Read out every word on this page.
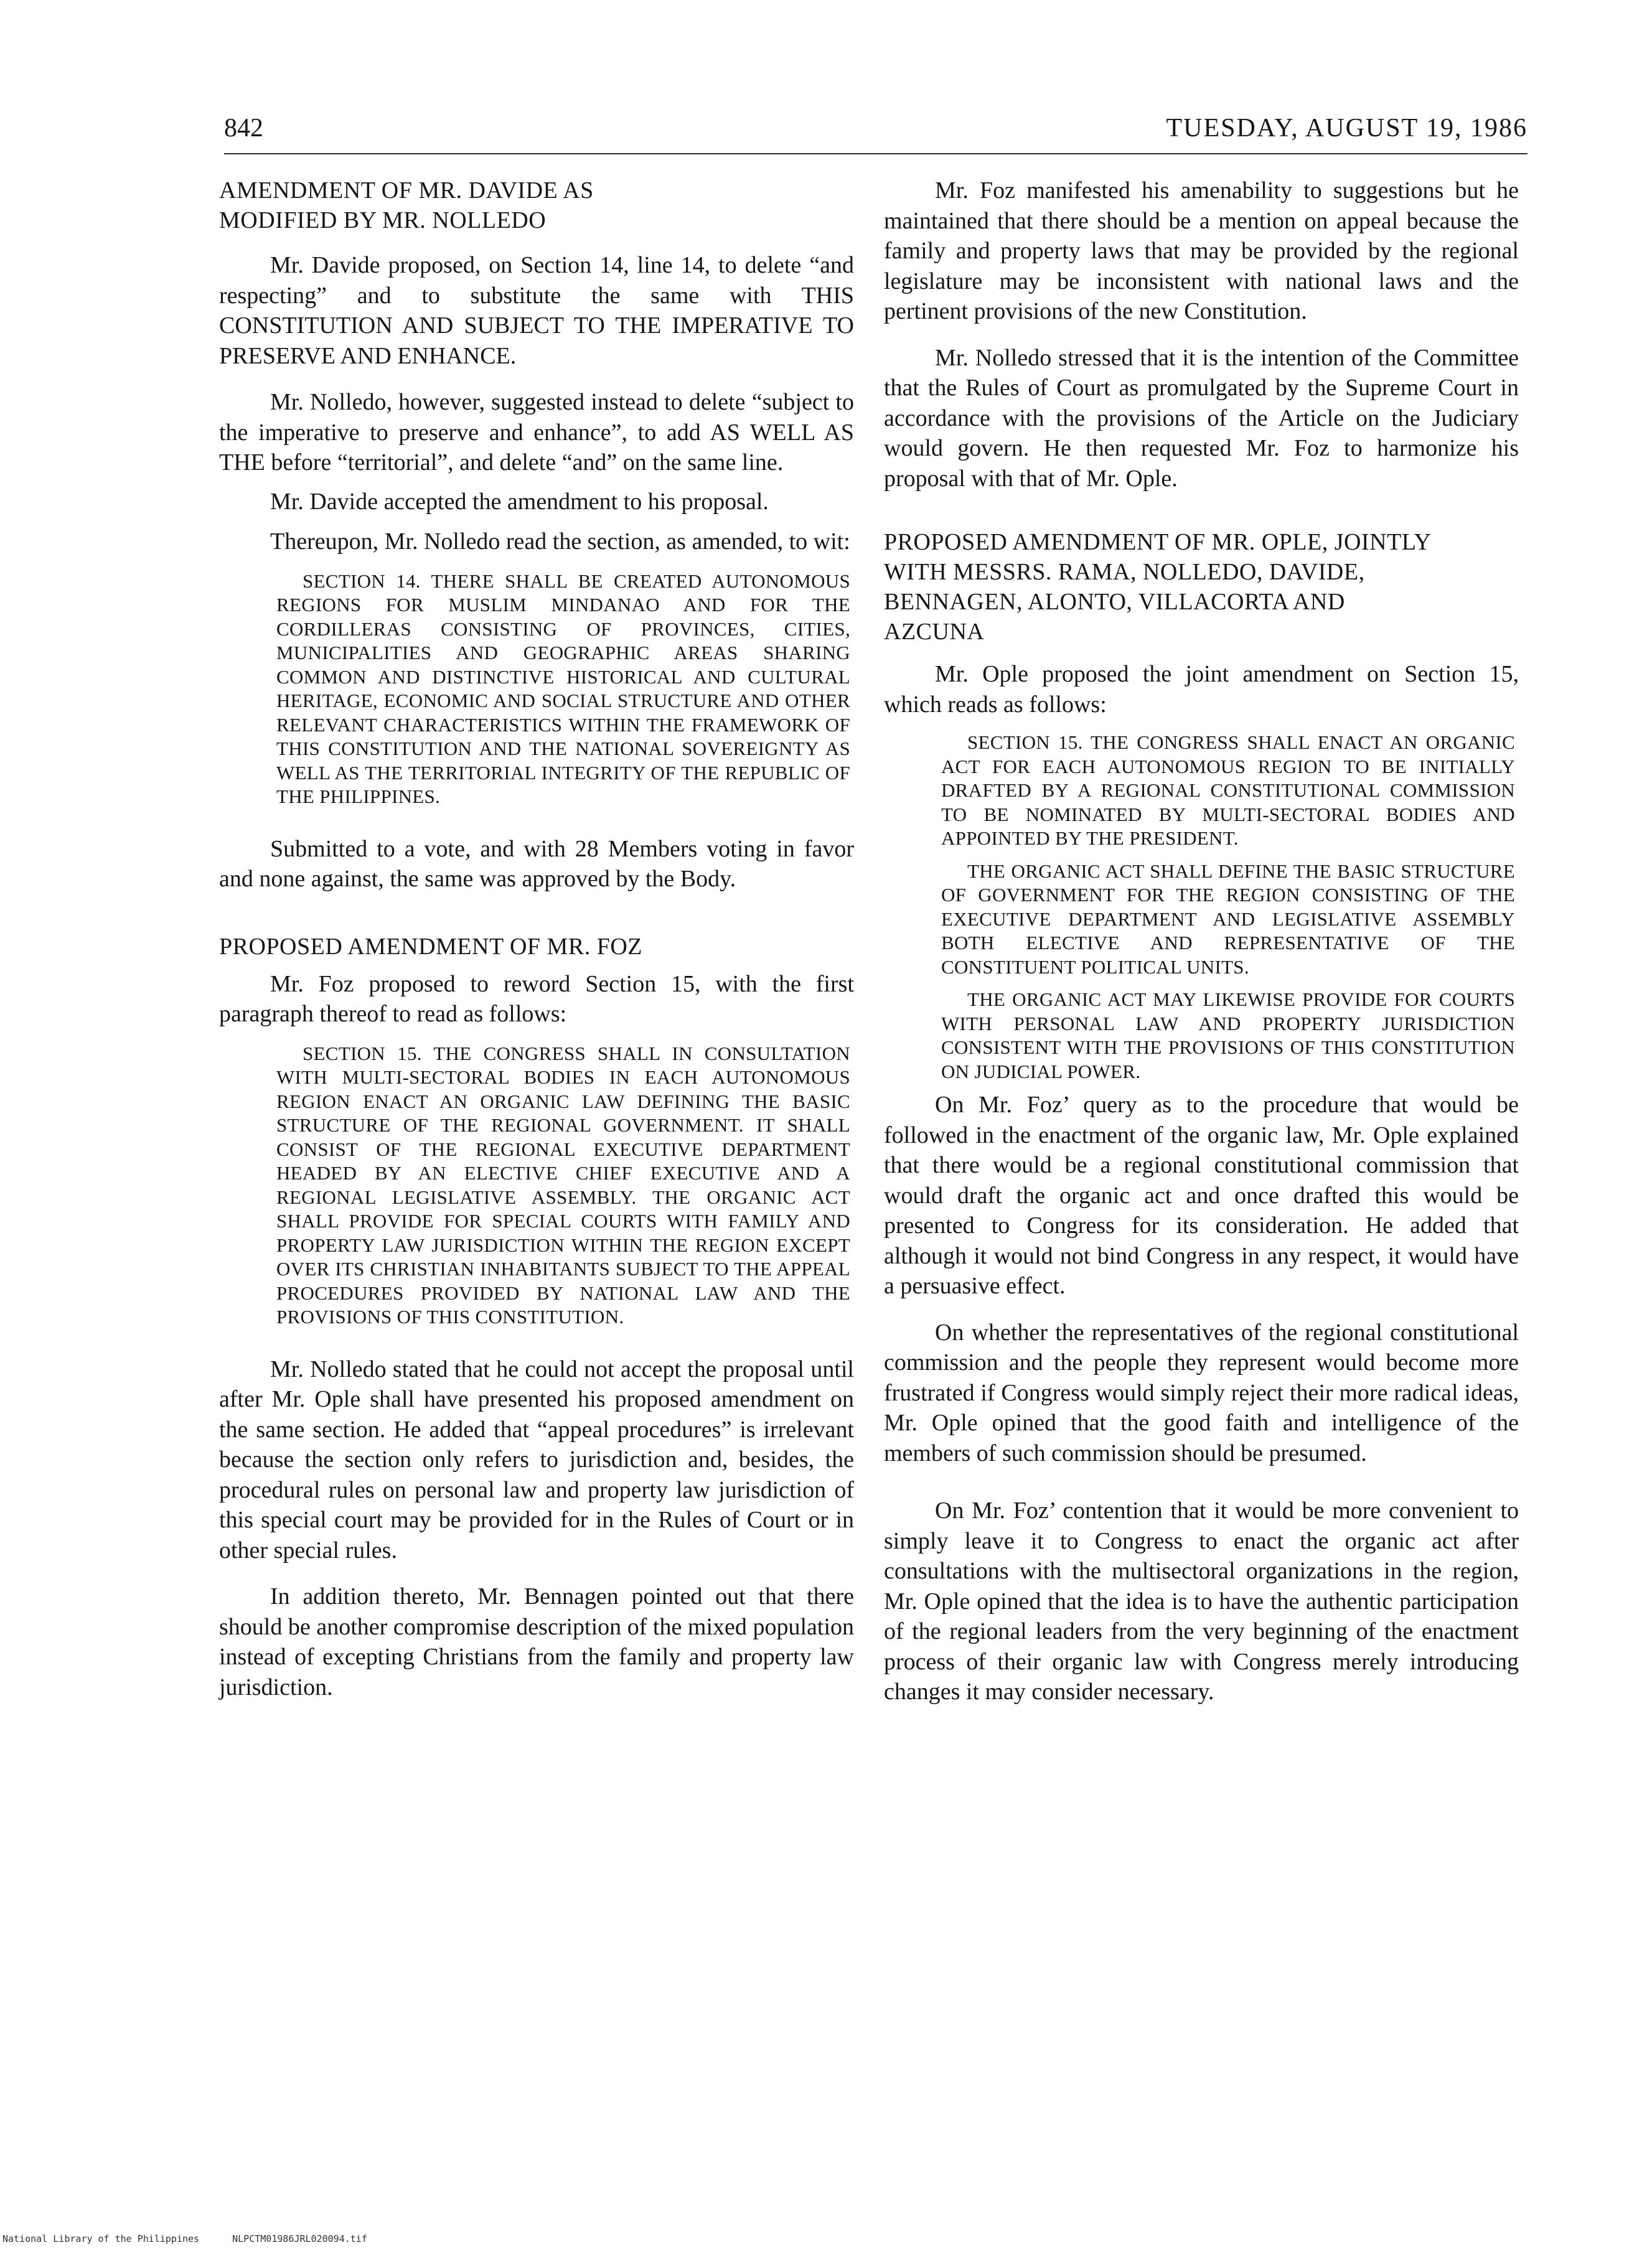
842	TUESDAY, AUGUST 19, 1986
AMENDMENT OF MR. DAVIDE AS MODIFIED BY MR. NOLLEDO
Mr. Davide proposed, on Section 14, line 14, to delete “and respecting” and to substitute the same with THIS CONSTITUTION AND SUBJECT TO THE IMPERATIVE TO PRESERVE AND ENHANCE.
Mr. Nolledo, however, suggested instead to delete “subject to the imperative to preserve and enhance”, to add AS WELL AS THE before “territorial”, and delete “and” on the same line.
Mr. Davide accepted the amendment to his proposal.
Thereupon, Mr. Nolledo read the section, as amended, to wit:
SECTION 14. THERE SHALL BE CREATED AUTONOMOUS REGIONS FOR MUSLIM MINDANAO AND FOR THE CORDILLERAS CONSISTING OF PROVINCES, CITIES, MUNICIPALITIES AND GEOGRAPHIC AREAS SHARING COMMON AND DISTINCTIVE HISTORICAL AND CULTURAL HERITAGE, ECONOMIC AND SOCIAL STRUCTURE AND OTHER RELEVANT CHARACTERISTICS WITHIN THE FRAMEWORK OF THIS CONSTITUTION AND THE NATIONAL SOVEREIGNTY AS WELL AS THE TERRITORIAL INTEGRITY OF THE REPUBLIC OF THE PHILIPPINES.
Submitted to a vote, and with 28 Members voting in favor and none against, the same was approved by the Body.
PROPOSED AMENDMENT OF MR. FOZ
Mr. Foz proposed to reword Section 15, with the first paragraph thereof to read as follows:
SECTION 15. THE CONGRESS SHALL IN CONSULTATION WITH MULTI-SECTORAL BODIES IN EACH AUTONOMOUS REGION ENACT AN ORGANIC LAW DEFINING THE BASIC STRUCTURE OF THE REGIONAL GOVERNMENT. IT SHALL CONSIST OF THE REGIONAL EXECUTIVE DEPARTMENT HEADED BY AN ELECTIVE CHIEF EXECUTIVE AND A REGIONAL LEGISLATIVE ASSEMBLY. THE ORGANIC ACT SHALL PROVIDE FOR SPECIAL COURTS WITH FAMILY AND PROPERTY LAW JURISDICTION WITHIN THE REGION EXCEPT OVER ITS CHRISTIAN INHABITANTS SUBJECT TO THE APPEAL PROCEDURES PROVIDED BY NATIONAL LAW AND THE PROVISIONS OF THIS CONSTITUTION.
Mr. Nolledo stated that he could not accept the proposal until after Mr. Ople shall have presented his proposed amendment on the same section. He added that “appeal procedures” is irrelevant because the section only refers to jurisdiction and, besides, the procedural rules on personal law and property law jurisdiction of this special court may be provided for in the Rules of Court or in other special rules.
In addition thereto, Mr. Bennagen pointed out that there should be another compromise description of the mixed population instead of excepting Christians from the family and property law jurisdiction.
Mr. Foz manifested his amenability to suggestions but he maintained that there should be a mention on appeal because the family and property laws that may be provided by the regional legislature may be inconsistent with national laws and the pertinent provisions of the new Constitution.
Mr. Nolledo stressed that it is the intention of the Committee that the Rules of Court as promulgated by the Supreme Court in accordance with the provisions of the Article on the Judiciary would govern. He then requested Mr. Foz to harmonize his proposal with that of Mr. Ople.
PROPOSED AMENDMENT OF MR. OPLE, JOINTLY WITH MESSRS. RAMA, NOLLEDO, DAVIDE, BENNAGEN, ALONTO, VILLACORTA AND AZCUNA
Mr. Ople proposed the joint amendment on Section 15, which reads as follows:
SECTION 15. THE CONGRESS SHALL ENACT AN ORGANIC ACT FOR EACH AUTONOMOUS REGION TO BE INITIALLY DRAFTED BY A REGIONAL CONSTITUTIONAL COMMISSION TO BE NOMINATED BY MULTI-SECTORAL BODIES AND APPOINTED BY THE PRESIDENT.
THE ORGANIC ACT SHALL DEFINE THE BASIC STRUCTURE OF GOVERNMENT FOR THE REGION CONSISTING OF THE EXECUTIVE DEPARTMENT AND LEGISLATIVE ASSEMBLY BOTH ELECTIVE AND REPRESENTATIVE OF THE CONSTITUENT POLITICAL UNITS.
THE ORGANIC ACT MAY LIKEWISE PROVIDE FOR COURTS WITH PERSONAL LAW AND PROPERTY JURISDICTION CONSISTENT WITH THE PROVISIONS OF THIS CONSTITUTION ON JUDICIAL POWER.
On Mr. Foz’ query as to the procedure that would be followed in the enactment of the organic law, Mr. Ople explained that there would be a regional constitutional commission that would draft the organic act and once drafted this would be presented to Congress for its consideration. He added that although it would not bind Congress in any respect, it would have a persuasive effect.
On whether the representatives of the regional constitutional commission and the people they represent would become more frustrated if Congress would simply reject their more radical ideas, Mr. Ople opined that the good faith and intelligence of the members of such commission should be presumed.
On Mr. Foz’ contention that it would be more convenient to simply leave it to Congress to enact the organic act after consultations with the multisectoral organizations in the region, Mr. Ople opined that the idea is to have the authentic participation of the regional leaders from the very beginning of the enactment process of their organic law with Congress merely introducing changes it may consider necessary.
National Library of the Philippines	NLPCTM01986JRL020094.tif
